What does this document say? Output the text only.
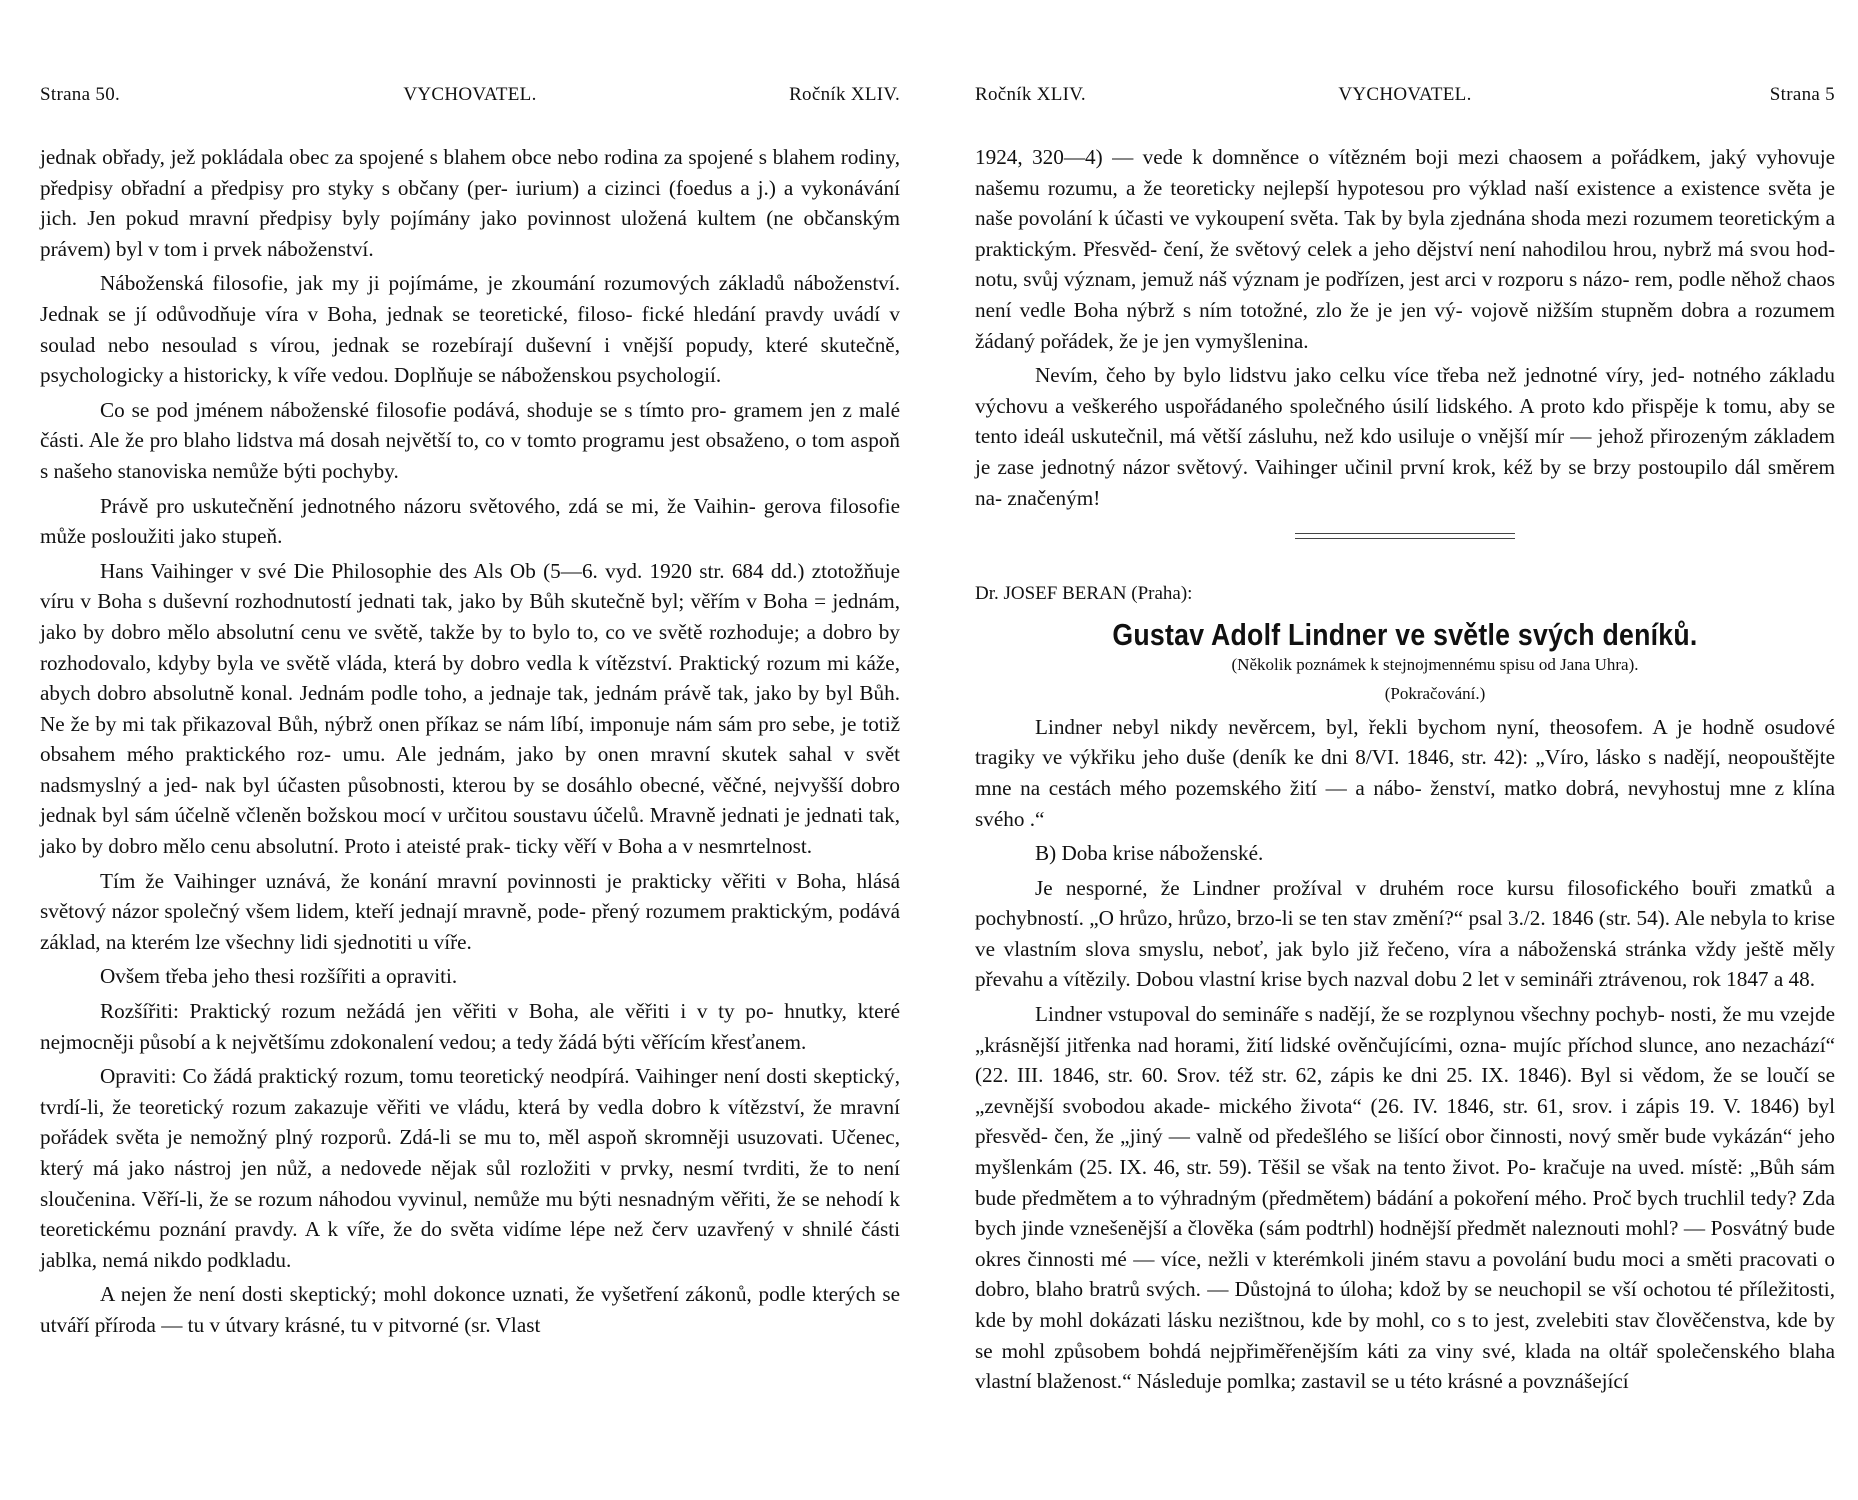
Strana 50.	VYCHOVATEL.	Ročník XLIV.

jednak obřady, jež pokládala obec za spojené s blahem obce nebo rodina za spojené s blahem rodiny, předpisy obřadní a předpisy pro styky s občany (per- iurium) a cizinci (foedus a j.) a vykonávání jich. Jen pokud mravní předpisy byly pojímány jako povinnost uložená kultem (ne občanským právem) byl v tom i prvek náboženství.

Náboženská filosofie, jak my ji pojímáme, je zkoumání rozumových základů náboženství. Jednak se jí odůvodňuje víra v Boha, jednak se teoretické, filoso- fické hledání pravdy uvádí v soulad nebo nesoulad s vírou, jednak se rozebírají duševní i vnější popudy, které skutečně, psychologicky a historicky, k víře vedou. Doplňuje se náboženskou psychologií.

Co se pod jménem náboženské filosofie podává, shoduje se s tímto pro- gramem jen z malé části. Ale že pro blaho lidstva má dosah největší to, co v tomto programu jest obsaženo, o tom aspoň s našeho stanoviska nemůže býti pochyby.

Právě pro uskutečnění jednotného názoru světového, zdá se mi, že Vaihin- gerova filosofie může posloužiti jako stupeň.

Hans Vaihinger v své Die Philosophie des Als Ob (5—6. vyd. 1920 str. 684 dd.) ztotožňuje víru v Boha s duševní rozhodnutostí jednati tak, jako by Bůh skutečně byl; věřím v Boha = jednám, jako by dobro mělo absolutní cenu ve světě, takže by to bylo to, co ve světě rozhoduje; a dobro by rozhodovalo, kdyby byla ve světě vláda, která by dobro vedla k vítězství. Praktický rozum mi káže, abych dobro absolutně konal. Jednám podle toho, a jednaje tak, jednám právě tak, jako by byl Bůh. Ne že by mi tak přikazoval Bůh, nýbrž onen příkaz se nám líbí, imponuje nám sám pro sebe, je totiž obsahem mého praktického roz- umu. Ale jednám, jako by onen mravní skutek sahal v svět nadsmyslný a jed- nak byl účasten působnosti, kterou by se dosáhlo obecné, věčné, nejvyšší dobro jednak byl sám účelně včleněn božskou mocí v určitou soustavu účelů. Mravně jednati je jednati tak, jako by dobro mělo cenu absolutní. Proto i ateisté prak- ticky věří v Boha a v nesmrtelnost.

Tím že Vaihinger uznává, že konání mravní povinnosti je prakticky věřiti v Boha, hlásá světový názor společný všem lidem, kteří jednají mravně, pode- přený rozumem praktickým, podává základ, na kterém lze všechny lidi sjednotiti u víře.

Ovšem třeba jeho thesi rozšířiti a opraviti.

Rozšířiti: Praktický rozum nežádá jen věřiti v Boha, ale věřiti i v ty po- hnutky, které nejmocněji působí a k největšímu zdokonalení vedou; a tedy žádá býti věřícím křesťanem.

Opraviti: Co žádá praktický rozum, tomu teoretický neodpírá. Vaihinger není dosti skeptický, tvrdí-li, že teoretický rozum zakazuje věřiti ve vládu, která by vedla dobro k vítězství, že mravní pořádek světa je nemožný plný rozporů. Zdá-li se mu to, měl aspoň skromněji usuzovati. Učenec, který má jako nástroj jen nůž, a nedovede nějak sůl rozložiti v prvky, nesmí tvrditi, že to není sloučenina. Věří-li, že se rozum náhodou vyvinul, nemůže mu býti nesnadným věřiti, že se nehodí k teoretickému poznání pravdy. A k víře, že do světa vidíme lépe než červ uzavřený v shnilé části jablka, nemá nikdo podkladu.

A nejen že není dosti skeptický; mohl dokonce uznati, že vyšetření zákonů, podle kterých se utváří příroda — tu v útvary krásné, tu v pitvorné (sr. Vlast

Ročník XLIV.	VYCHOVATEL.	Strana 5

1924, 320—4) — vede k domněnce o vítězném boji mezi chaosem a pořádkem, jaký vyhovuje našemu rozumu, a že teoreticky nejlepší hypotesou pro výklad naší existence a existence světa je naše povolání k účasti ve vykoupení světa. Tak by byla zjednána shoda mezi rozumem teoretickým a praktickým. Přesvěd- čení, že světový celek a jeho dějství není nahodilou hrou, nybrž má svou hod- notu, svůj význam, jemuž náš význam je podřízen, jest arci v rozporu s názo- rem, podle něhož chaos není vedle Boha nýbrž s ním totožné, zlo že je jen vý- vojově nižším stupněm dobra a rozumem žádaný pořádek, že je jen vymyšlenina.

Nevím, čeho by bylo lidstvu jako celku více třeba než jednotné víry, jed- notného základu výchovu a veškerého uspořádaného společného úsilí lidského. A proto kdo přispěje k tomu, aby se tento ideál uskutečnil, má větší zásluhu, než kdo usiluje o vnější mír — jehož přirozeným základem je zase jednotný názor světový. Vaihinger učinil první krok, kéž by se brzy postoupilo dál směrem na- značeným!

Dr. JOSEF BERAN (Praha):
Gustav Adolf Lindner ve světle svých deníků.

(Několik poznámek k stejnojmennému spisu od Jana Uhra).

(Pokračování.)

Lindner nebyl nikdy nevěrcem, byl, řekli bychom nyní, theosofem. A je hodně osudové tragiky ve výkřiku jeho duše (deník ke dni 8/VI. 1846, str. 42): „Víro, lásko s nadějí, neopouštějte mne na cestách mého pozemského žití — a nábo- ženství, matko dobrá, nevyhostuj mne z klína svého .“

B) Doba krise náboženské.

Je nesporné, že Lindner prožíval v druhém roce kursu filosofického bouři zmatků a pochybností. „O hrůzo, hrůzo, brzo-li se ten stav změní?“ psal 3./2. 1846 (str. 54). Ale nebyla to krise ve vlastním slova smyslu, neboť, jak bylo již řečeno, víra a náboženská stránka vždy ještě měly převahu a vítězily. Dobou vlastní krise bych nazval dobu 2 let v semináři ztrávenou, rok 1847 a 48.

Lindner vstupoval do semináře s nadějí, že se rozplynou všechny pochyb- nosti, že mu vzejde „krásnější jitřenka nad horami, žití lidské ověnčujícími, ozna- mujíc příchod slunce, ano nezachází“ (22. III. 1846, str. 60. Srov. též str. 62, zápis ke dni 25. IX. 1846). Byl si vědom, že se loučí se „zevnější svobodou akade- mického života“ (26. IV. 1846, str. 61, srov. i zápis 19. V. 1846) byl přesvěd- čen, že „jiný — valně od předešlého se lišící obor činnosti, nový směr bude vykázán“ jeho myšlenkám (25. IX. 46, str. 59). Těšil se však na tento život. Po- kračuje na uved. místě: „Bůh sám bude předmětem a to výhradným (předmětem) bádání a pokoření mého. Proč bych truchlil tedy? Zda bych jinde vznešenější a člověka (sám podtrhl) hodnější předmět naleznouti mohl? — Posvátný bude okres činnosti mé — více, nežli v kterémkoli jiném stavu a povolání budu moci a směti pracovati o dobro, blaho bratrů svých. — Důstojná to úloha; kdož by se neuchopil se vší ochotou té příležitosti, kde by mohl dokázati lásku nezištnou, kde by mohl, co s to jest, zvelebiti stav člověčenstva, kde by se mohl způsobem bohdá nejpřiměřenějším káti za viny své, klada na oltář společenského blaha vlastní blaženost.“ Následuje pomlka; zastavil se u této krásné a povznášející
